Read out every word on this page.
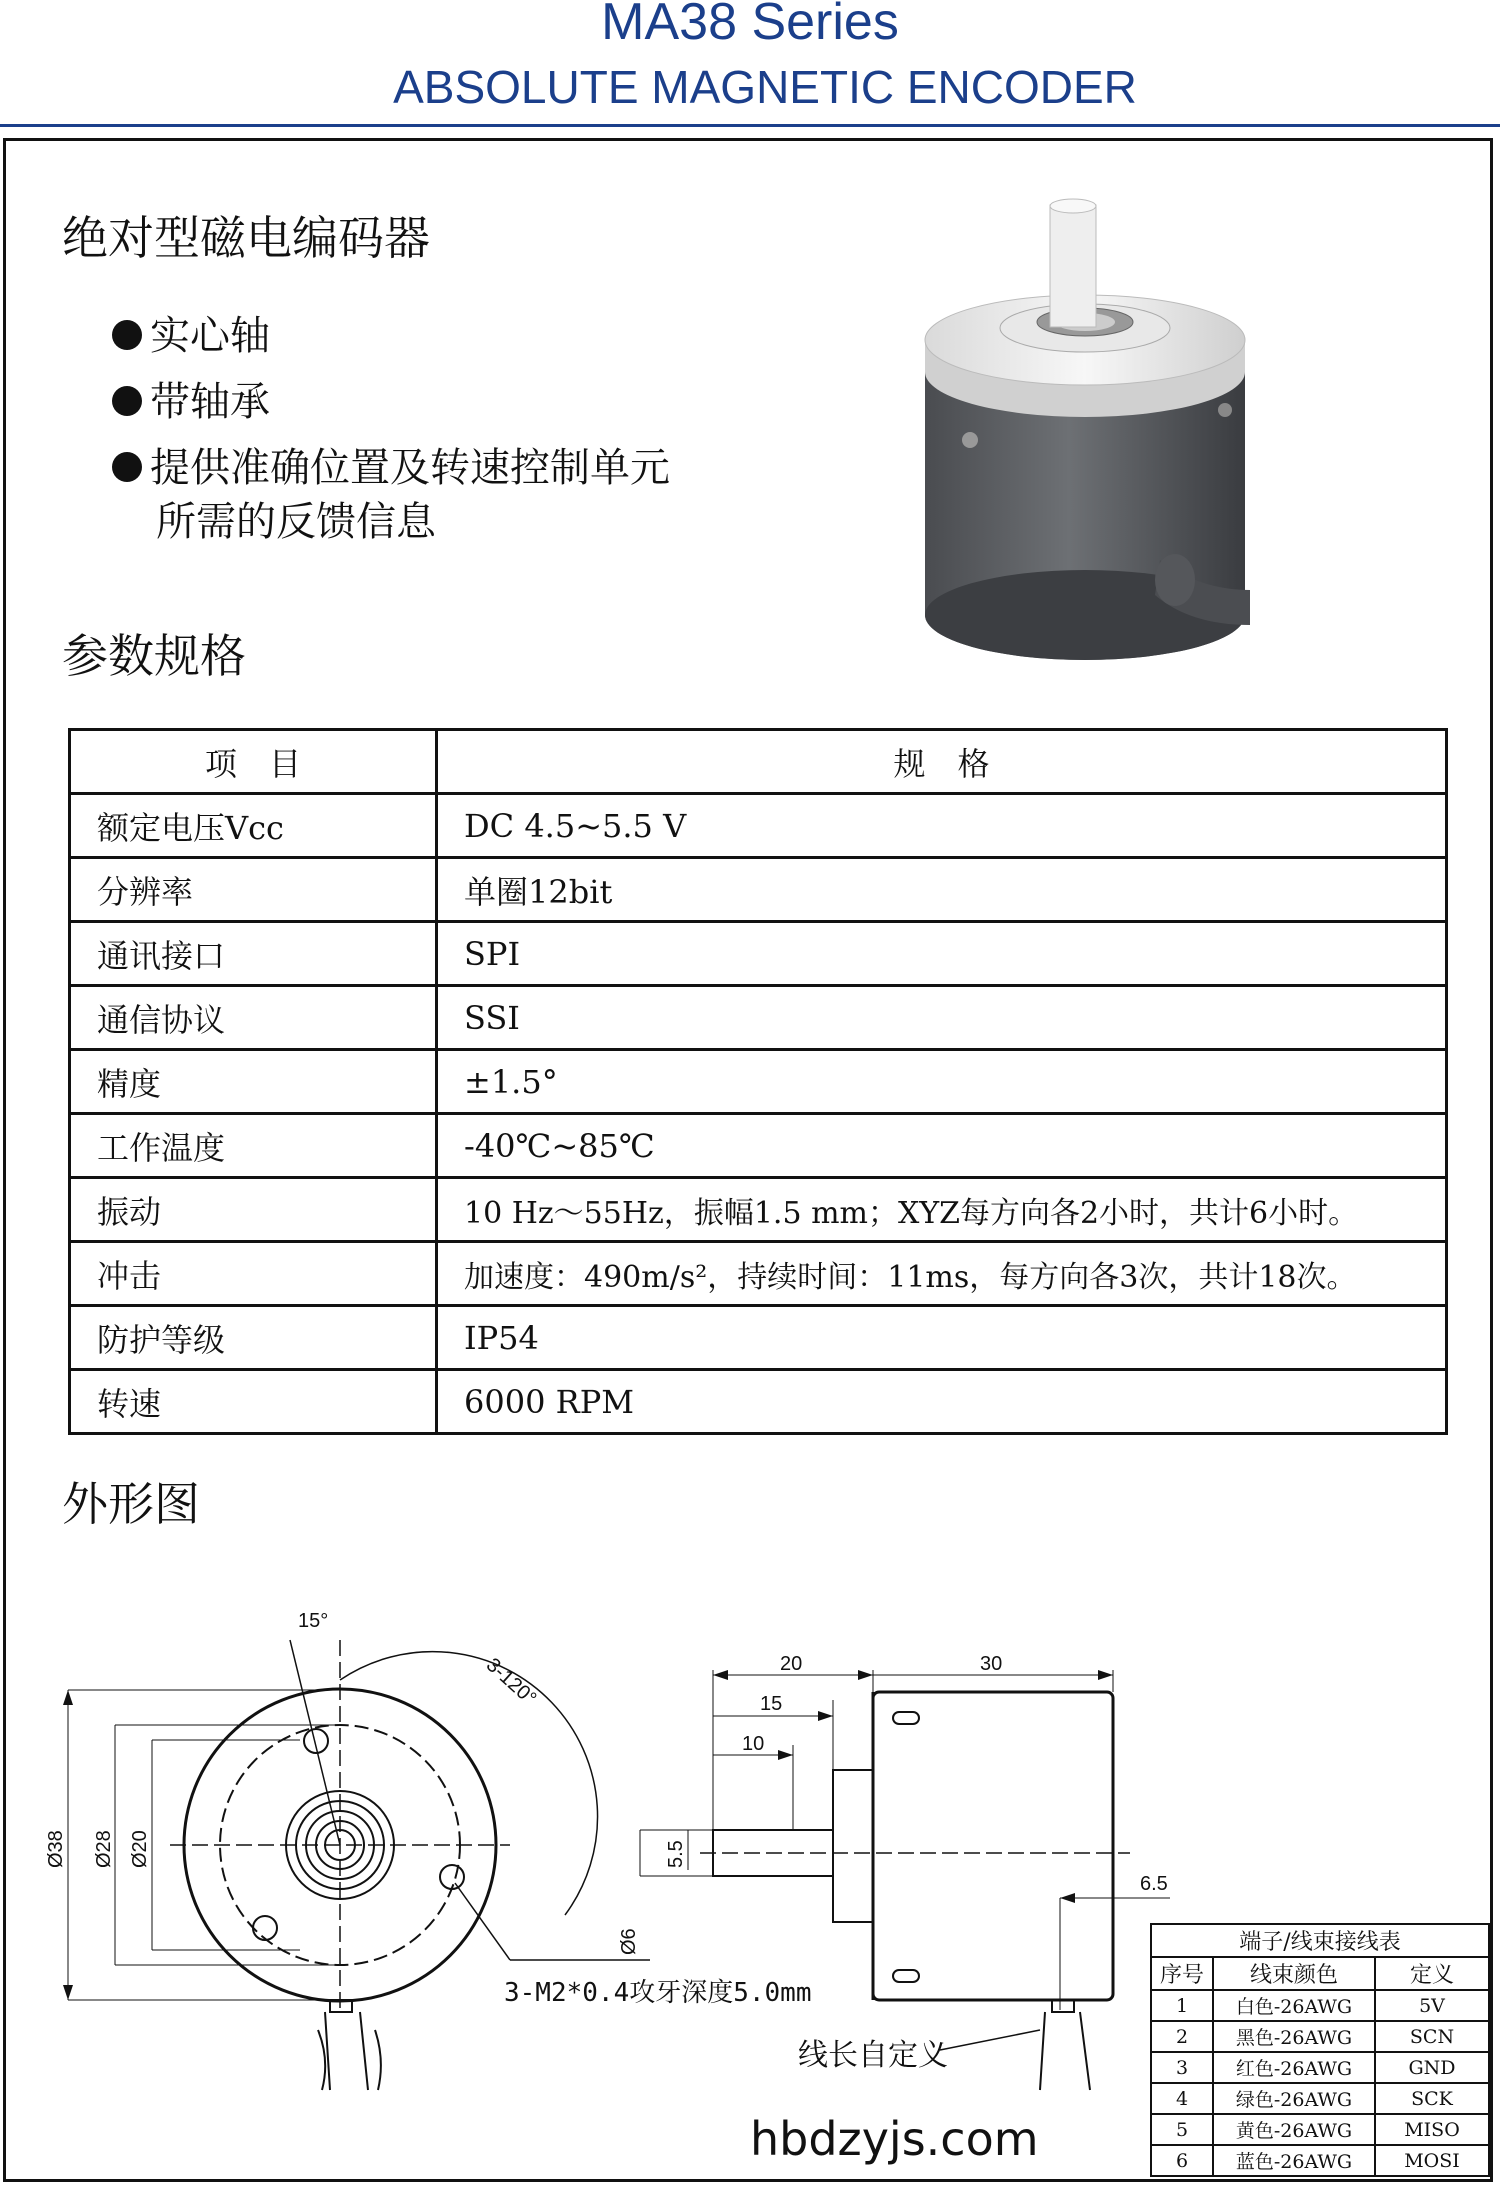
MA38 Series
ABSOLUTE MAGNETIC ENCODER
绝对型磁电编码器
实心轴
带轴承
提供准确位置及转速控制单元
所需的反馈信息
参数规格
项　目	规　格
额定电压Vcc	DC 4.5~5.5 V
分辨率	单圈12bit
通讯接口	SPI
通信协议	SSI
精度	±1.5°
工作温度	-40℃~85℃
振动	10 Hz～55Hz，振幅1.5 mm；XYZ每方向各2小时，共计6小时。
冲击	加速度：490m/s²，持续时间：11ms，每方向各3次，共计18次。
防护等级	IP54
转速	6000 RPM
外形图
15°
3-120°
Ø38 Ø28 Ø20
Ø6
5.5
20	30
15
10
6.5
3-M2*0.4攻牙深度5.0mm
线长自定义
端子/线束接线表		
序号	线束颜色	定义
1	白色-26AWG	5V
2	黑色-26AWG	SCN
3	红色-26AWG	GND
4	绿色-26AWG	SCK
5	黄色-26AWG	MISO
6	蓝色-26AWG	MOSI
hbdzyjs.com
